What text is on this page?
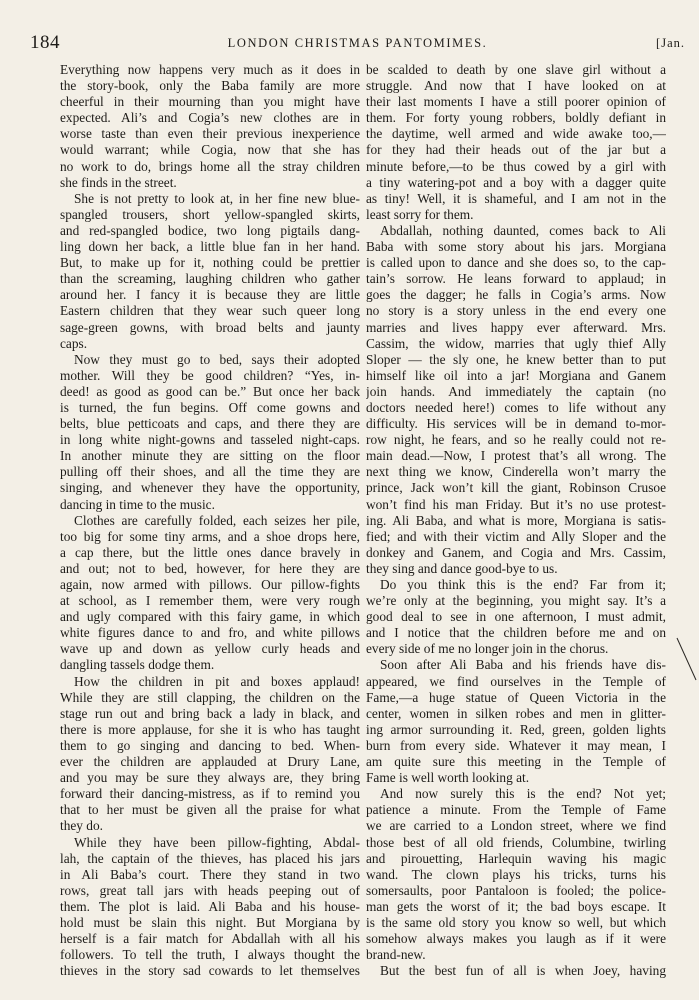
184	LONDON CHRISTMAS PANTOMIMES.	[Jan.
Everything now happens very much as it does in
the story-book, only the Baba family are more
cheerful in their mourning than you might have
expected. Ali’s and Cogia’s new clothes are in
worse taste than even their previous inexperience
would warrant; while Cogia, now that she has
no work to do, brings home all the stray children
she finds in the street.
She is not pretty to look at, in her fine new blue-
spangled trousers, short yellow-spangled skirts,
and red-spangled bodice, two long pigtails dang-
ling down her back, a little blue fan in her hand.
But, to make up for it, nothing could be prettier
than the screaming, laughing children who gather
around her. I fancy it is because they are little
Eastern children that they wear such queer long
sage-green gowns, with broad belts and jaunty
caps.
Now they must go to bed, says their adopted
mother. Will they be good children? “Yes, in-
deed! as good as good can be.” But once her back
is turned, the fun begins. Off come gowns and
belts, blue petticoats and caps, and there they are
in long white night-gowns and tasseled night-caps.
In another minute they are sitting on the floor
pulling off their shoes, and all the time they are
singing, and whenever they have the opportunity,
dancing in time to the music.
Clothes are carefully folded, each seizes her pile,
too big for some tiny arms, and a shoe drops here,
a cap there, but the little ones dance bravely in
and out; not to bed, however, for here they are
again, now armed with pillows. Our pillow-fights
at school, as I remember them, were very rough
and ugly compared with this fairy game, in which
white figures dance to and fro, and white pillows
wave up and down as yellow curly heads and
dangling tassels dodge them.
How the children in pit and boxes applaud!
While they are still clapping, the children on the
stage run out and bring back a lady in black, and
there is more applause, for she it is who has taught
them to go singing and dancing to bed. When-
ever the children are applauded at Drury Lane,
and you may be sure they always are, they bring
forward their dancing-mistress, as if to remind you
that to her must be given all the praise for what
they do.
While they have been pillow-fighting, Abdal-
lah, the captain of the thieves, has placed his jars
in Ali Baba’s court. There they stand in two
rows, great tall jars with heads peeping out of
them. The plot is laid. Ali Baba and his house-
hold must be slain this night. But Morgiana by
herself is a fair match for Abdallah with all his
followers. To tell the truth, I always thought the
thieves in the story sad cowards to let themselves
be scalded to death by one slave girl without a
struggle. And now that I have looked on at
their last moments I have a still poorer opinion of
them. For forty young robbers, boldly defiant in
the daytime, well armed and wide awake too,—
for they had their heads out of the jar but a
minute before,—to be thus cowed by a girl with
a tiny watering-pot and a boy with a dagger quite
as tiny! Well, it is shameful, and I am not in the
least sorry for them.
Abdallah, nothing daunted, comes back to Ali
Baba with some story about his jars. Morgiana
is called upon to dance and she does so, to the cap-
tain’s sorrow. He leans forward to applaud; in
goes the dagger; he falls in Cogia’s arms. Now
no story is a story unless in the end every one
marries and lives happy ever afterward. Mrs.
Cassim, the widow, marries that ugly thief Ally
Sloper — the sly one, he knew better than to put
himself like oil into a jar! Morgiana and Ganem
join hands. And immediately the captain (no
doctors needed here!) comes to life without any
difficulty. His services will be in demand to-mor-
row night, he fears, and so he really could not re-
main dead.—Now, I protest that’s all wrong. The
next thing we know, Cinderella won’t marry the
prince, Jack won’t kill the giant, Robinson Crusoe
won’t find his man Friday. But it’s no use protest-
ing. Ali Baba, and what is more, Morgiana is satis-
fied; and with their victim and Ally Sloper and the
donkey and Ganem, and Cogia and Mrs. Cassim,
they sing and dance good-bye to us.
Do you think this is the end? Far from it;
we’re only at the beginning, you might say. It’s a
good deal to see in one afternoon, I must admit,
and I notice that the children before me and on
every side of me no longer join in the chorus.
Soon after Ali Baba and his friends have dis-
appeared, we find ourselves in the Temple of
Fame,—a huge statue of Queen Victoria in the
center, women in silken robes and men in glitter-
ing armor surrounding it. Red, green, golden lights
burn from every side. Whatever it may mean, I
am quite sure this meeting in the Temple of
Fame is well worth looking at.
And now surely this is the end? Not yet;
patience a minute. From the Temple of Fame
we are carried to a London street, where we find
those best of all old friends, Columbine, twirling
and pirouetting, Harlequin waving his magic
wand. The clown plays his tricks, turns his
somersaults, poor Pantaloon is fooled; the police-
man gets the worst of it; the bad boys escape. It
is the same old story you know so well, but which
somehow always makes you laugh as if it were
brand-new.
But the best fun of all is when Joey, having
